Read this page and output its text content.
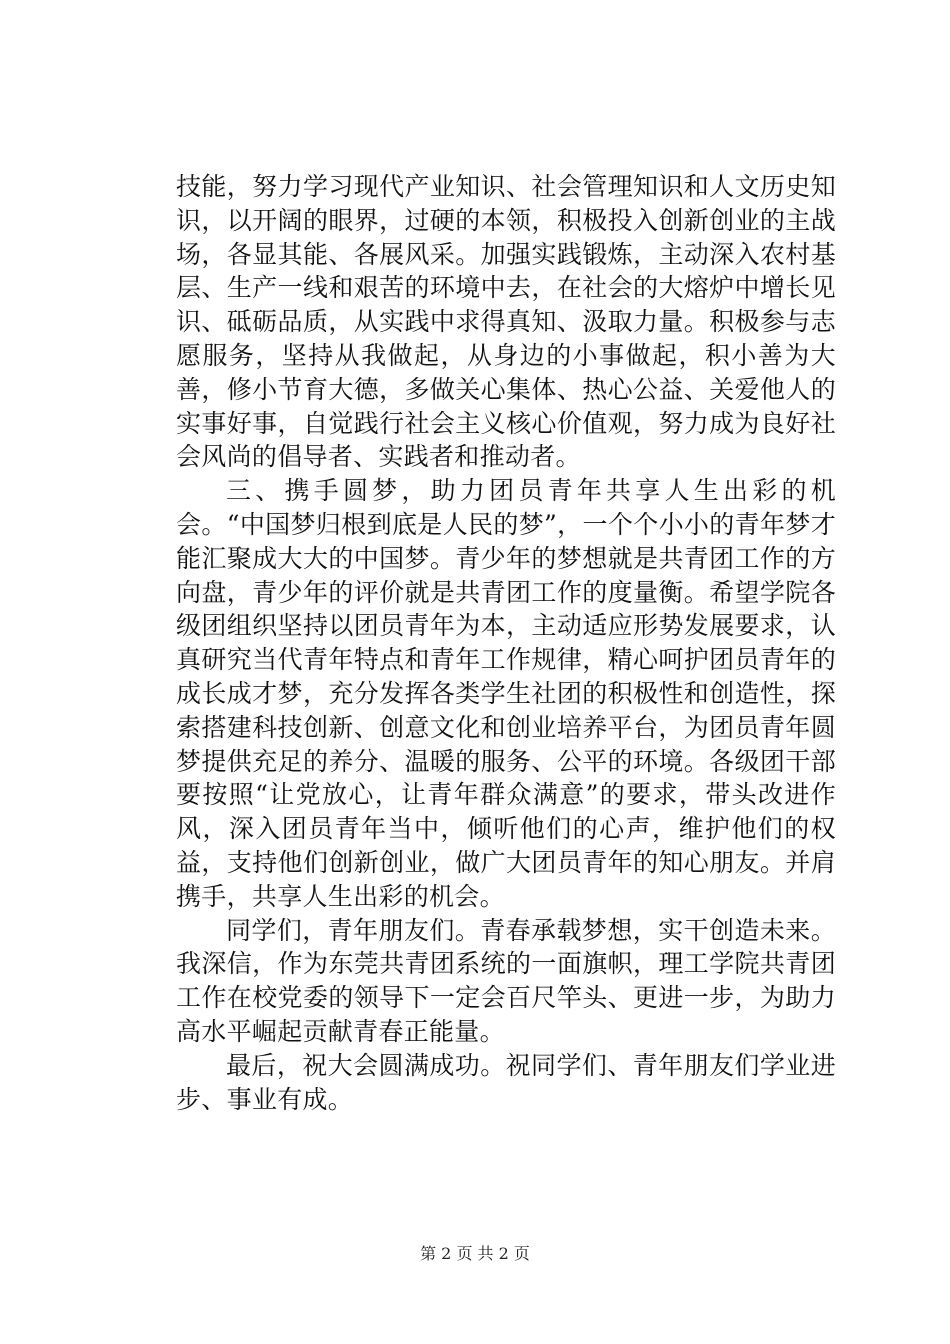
技能，努力学习现代产业知识、社会管理知识和人文历史知识，以开阔的眼界，过硬的本领，积极投入创新创业的主战场，各显其能、各展风采。加强实践锻炼，主动深入农村基层、生产一线和艰苦的环境中去，在社会的大熔炉中增长见识、砥砺品质，从实践中求得真知、汲取力量。积极参与志愿服务，坚持从我做起，从身边的小事做起，积小善为大善，修小节育大德，多做关心集体、热心公益、关爱他人的实事好事，自觉践行社会主义核心价值观，努力成为良好社会风尚的倡导者、实践者和推动者。

三、携手圆梦，助力团员青年共享人生出彩的机会。“中国梦归根到底是人民的梦”，一个个小小的青年梦才能汇聚成大大的中国梦。青少年的梦想就是共青团工作的方向盘，青少年的评价就是共青团工作的度量衡。希望学院各级团组织坚持以团员青年为本，主动适应形势发展要求，认真研究当代青年特点和青年工作规律，精心呵护团员青年的成长成才梦，充分发挥各类学生社团的积极性和创造性，探索搭建科技创新、创意文化和创业培养平台，为团员青年圆梦提供充足的养分、温暖的服务、公平的环境。各级团干部要按照“让党放心，让青年群众满意”的要求，带头改进作风，深入团员青年当中，倾听他们的心声，维护他们的权益，支持他们创新创业，做广大团员青年的知心朋友。并肩携手，共享人生出彩的机会。

同学们，青年朋友们。青春承载梦想，实干创造未来。我深信，作为东莞共青团系统的一面旗帜，理工学院共青团工作在校党委的领导下一定会百尺竿头、更进一步，为助力高水平崛起贡献青春正能量。

最后，祝大会圆满成功。祝同学们、青年朋友们学业进步、事业有成。

第 2 页 共 2 页
